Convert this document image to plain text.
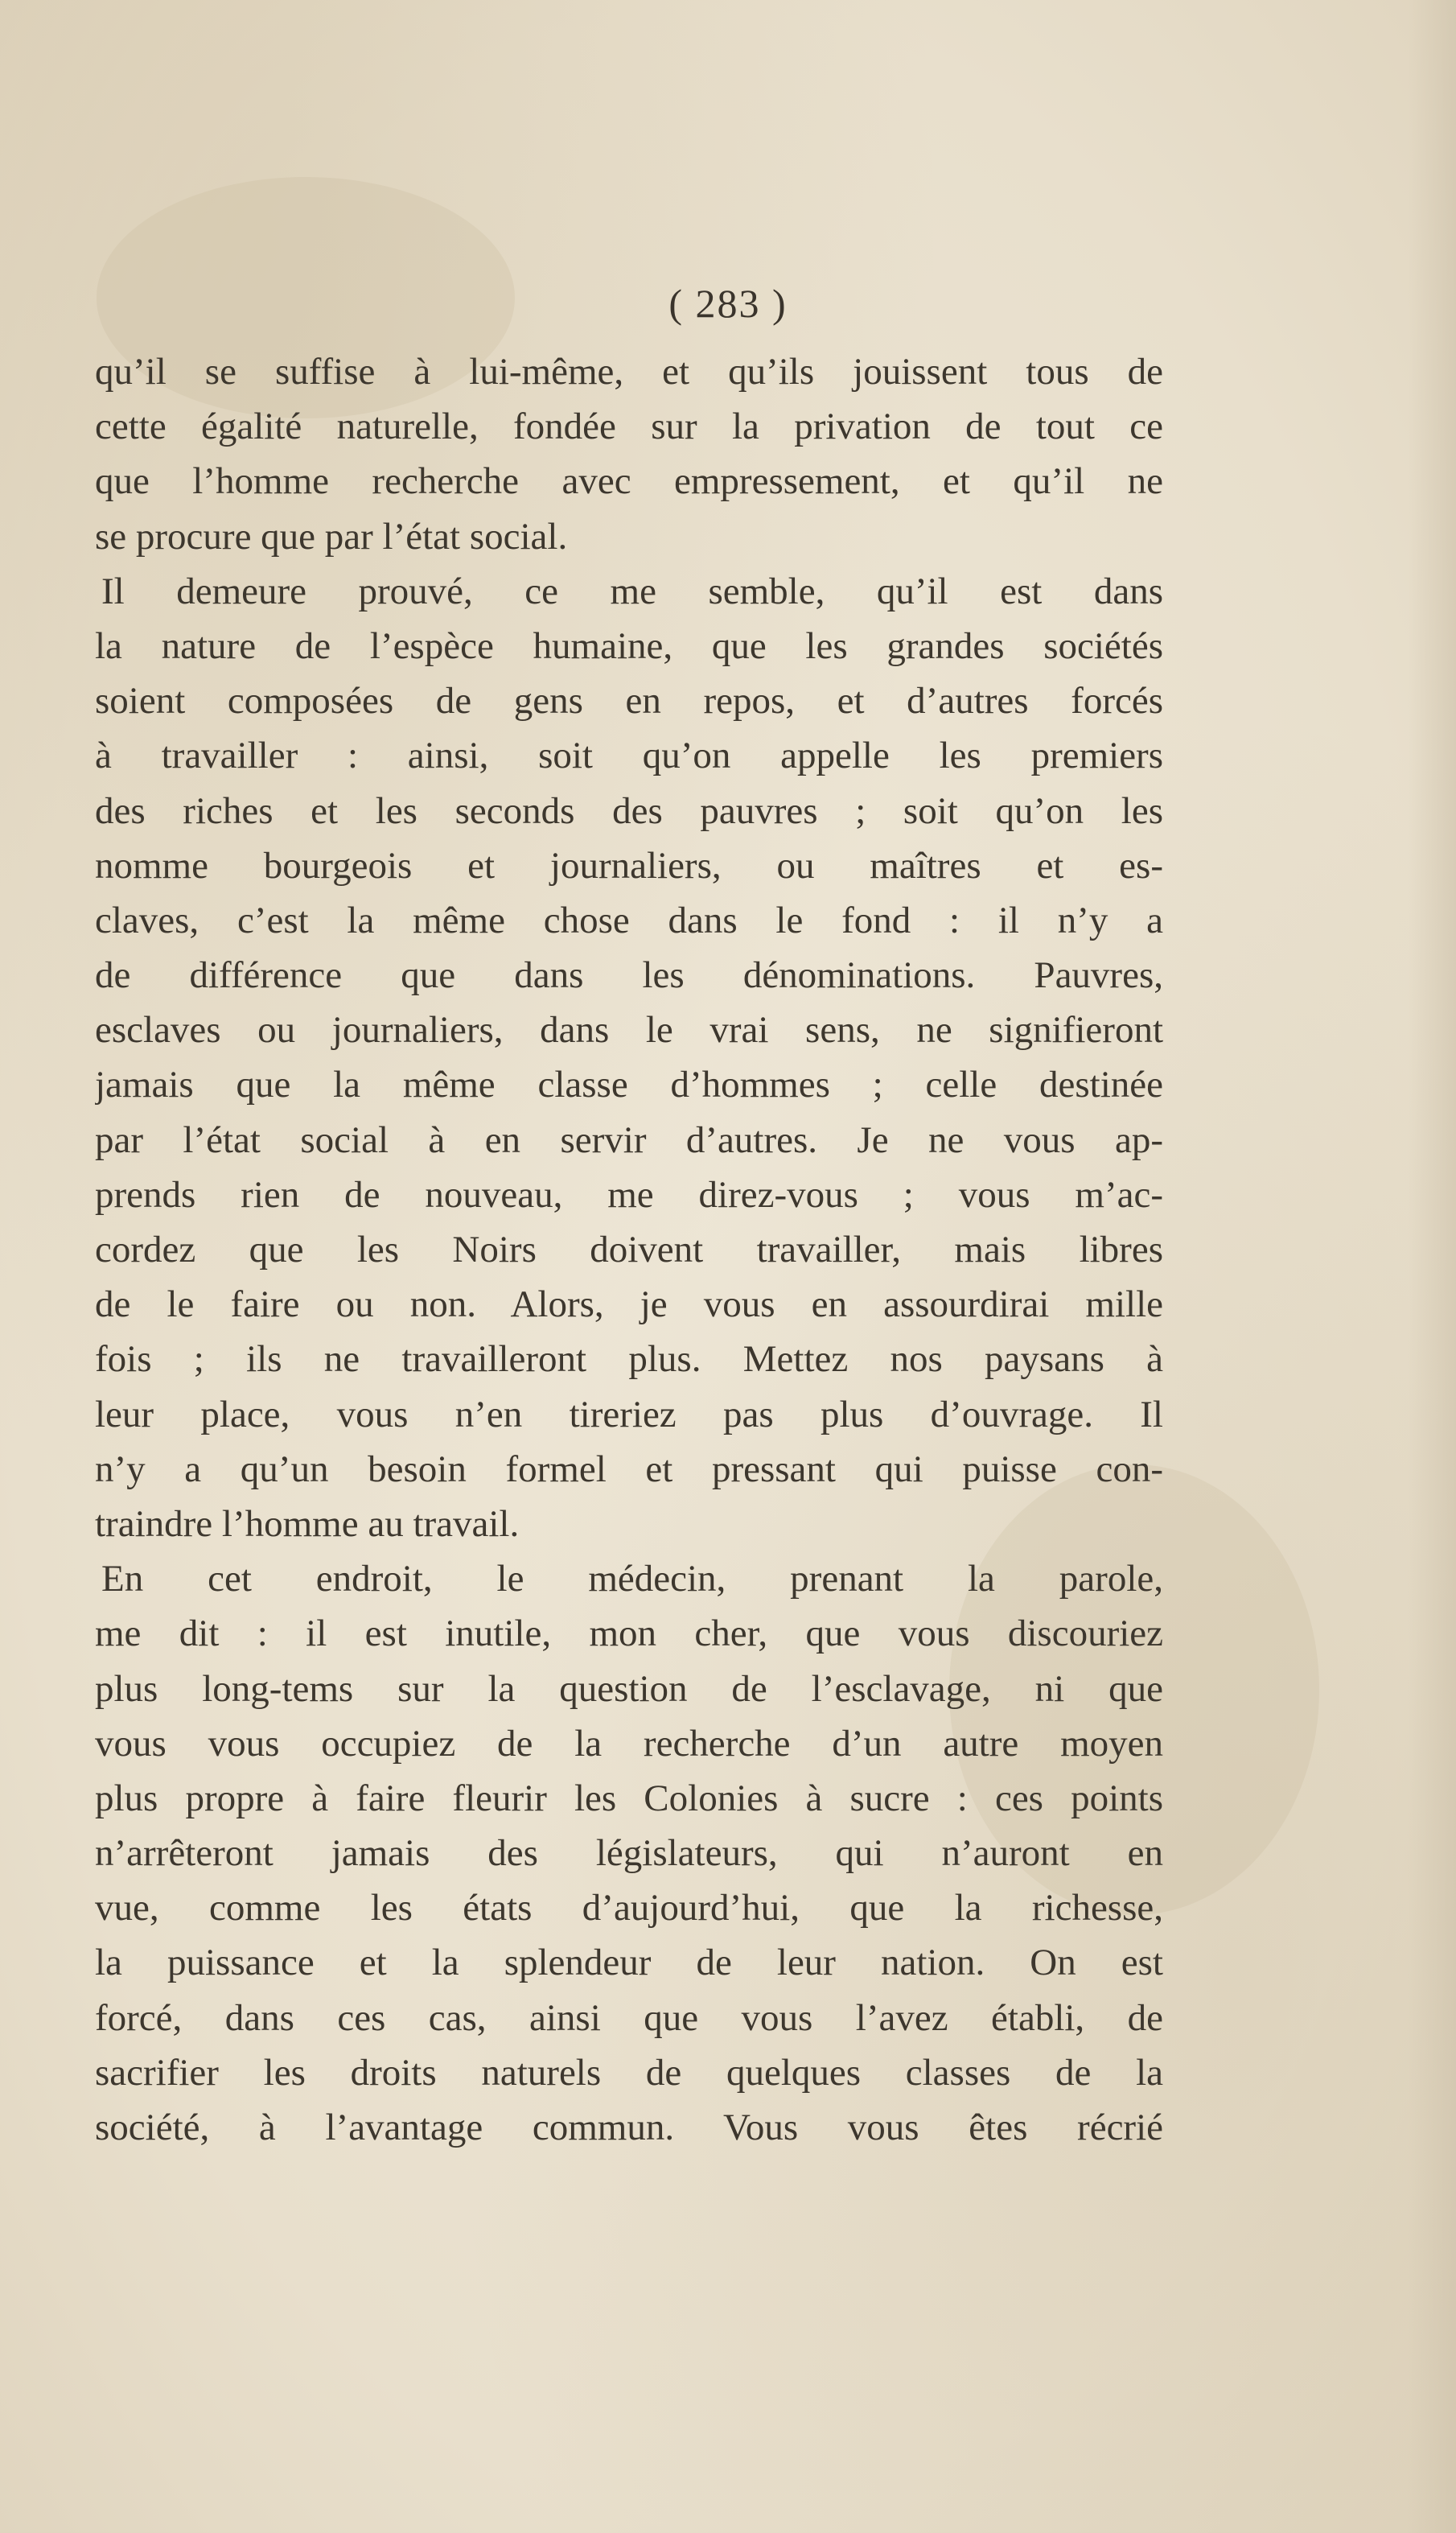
( 283 )
qu’il se suffise à lui-même, et qu’ils jouissent tous de
cette égalité naturelle, fondée sur la privation de tout ce
que l’homme recherche avec empressement, et qu’il ne
se procure que par l’état social.
Il demeure prouvé, ce me semble, qu’il est dans
la nature de l’espèce humaine, que les grandes sociétés
soient composées de gens en repos, et d’autres forcés
à travailler : ainsi, soit qu’on appelle les premiers
des riches et les seconds des pauvres ; soit qu’on les
nomme bourgeois et journaliers, ou maîtres et es-
claves, c’est la même chose dans le fond : il n’y a
de différence que dans les dénominations. Pauvres,
esclaves ou journaliers, dans le vrai sens, ne signifieront
jamais que la même classe d’hommes ; celle destinée
par l’état social à en servir d’autres. Je ne vous ap-
prends rien de nouveau, me direz-vous ; vous m’ac-
cordez que les Noirs doivent travailler, mais libres
de le faire ou non. Alors, je vous en assourdirai mille
fois ; ils ne travailleront plus. Mettez nos paysans à
leur place, vous n’en tireriez pas plus d’ouvrage. Il
n’y a qu’un besoin formel et pressant qui puisse con-
traindre l’homme au travail.
En cet endroit, le médecin, prenant la parole,
me dit : il est inutile, mon cher, que vous discouriez
plus long-tems sur la question de l’esclavage, ni que
vous vous occupiez de la recherche d’un autre moyen
plus propre à faire fleurir les Colonies à sucre : ces points
n’arrêteront jamais des législateurs, qui n’auront en
vue, comme les états d’aujourd’hui, que la richesse,
la puissance et la splendeur de leur nation. On est
forcé, dans ces cas, ainsi que vous l’avez établi, de
sacrifier les droits naturels de quelques classes de la
société, à l’avantage commun. Vous vous êtes récrié
